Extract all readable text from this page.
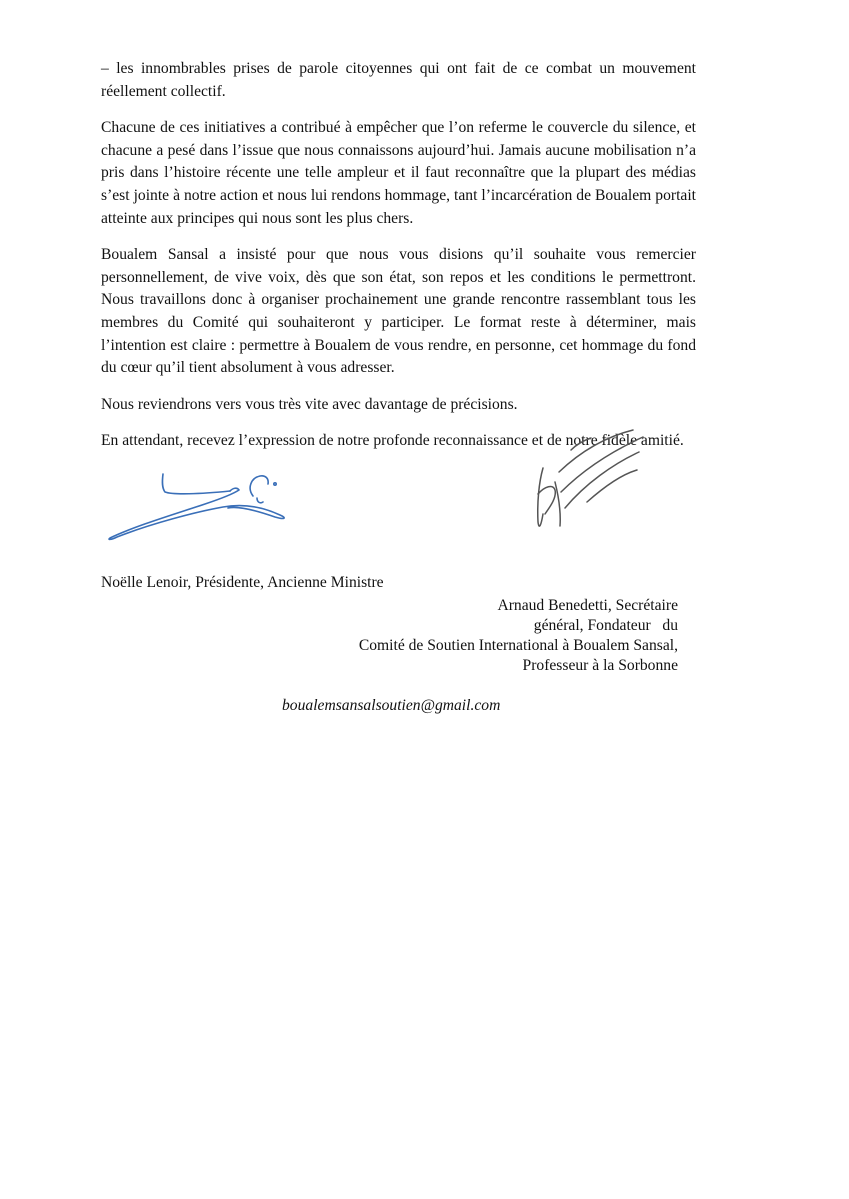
– les innombrables prises de parole citoyennes qui ont fait de ce combat un mouvement réellement collectif.

Chacune de ces initiatives a contribué à empêcher que l’on referme le couvercle du silence, et chacune a pesé dans l’issue que nous connaissons aujourd’hui. Jamais aucune mobilisation n’a pris dans l’histoire récente une telle ampleur et il faut reconnaître que la plupart des médias s’est jointe à notre action et nous lui rendons hommage, tant l’incarcération de Boualem portait atteinte aux principes qui nous sont les plus chers.

Boualem Sansal a insisté pour que nous vous disions qu’il souhaite vous remercier personnellement, de vive voix, dès que son état, son repos et les conditions le permettront. Nous travaillons donc à organiser prochainement une grande rencontre rassemblant tous les membres du Comité qui souhaiteront y participer. Le format reste à déterminer, mais l’intention est claire : permettre à Boualem de vous rendre, en personne, cet hommage du fond du cœur qu’il tient absolument à vous adresser.

Nous reviendrons vers vous très vite avec davantage de précisions.

En attendant, recevez l’expression de notre profonde reconnaissance et de notre fidèle amitié.

Noëlle Lenoir, Présidente, Ancienne Ministre
Arnaud Benedetti, Secrétaire
général, Fondateur   du
Comité de Soutien International à Boualem Sansal,
Professeur à la Sorbonne
boualemsansalsoutien@gmail.com
